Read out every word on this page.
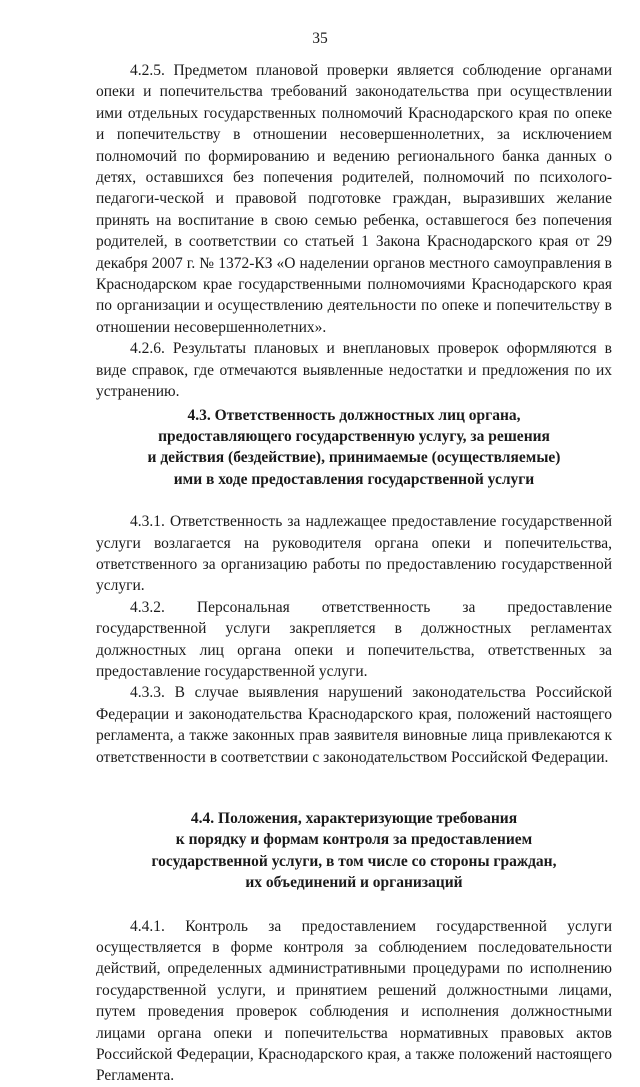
35

4.2.5. Предметом плановой проверки является соблюдение органами опеки и попечительства требований законодательства при осуществлении ими отдельных государственных полномочий Краснодарского края по опеке и попечительству в отношении несовершеннолетних, за исключением полномочий по формированию и ведению регионального банка данных о детях, оставшихся без попечения родителей, полномочий по психолого-педагоги-ческой и правовой подготовке граждан, выразивших желание принять на воспитание в свою семью ребенка, оставшегося без попечения родителей, в соответствии со статьей 1 Закона Краснодарского края от 29 декабря 2007 г. № 1372-КЗ «О наделении органов местного самоуправления в Краснодарском крае государственными полномочиями Краснодарского края по организации и осуществлению деятельности по опеке и попечительству в отношении несовершеннолетних».

4.2.6. Результаты плановых и внеплановых проверок оформляются в виде справок, где отмечаются выявленные недостатки и предложения по их устранению.

4.3. Ответственность должностных лиц органа,
предоставляющего государственную услугу, за решения
и действия (бездействие), принимаемые (осуществляемые)
ими в ходе предоставления государственной услуги

4.3.1. Ответственность за надлежащее предоставление государственной услуги возлагается на руководителя органа опеки и попечительства, ответственного за организацию работы по предоставлению государственной услуги.

4.3.2. Персональная ответственность за предоставление государственной услуги закрепляется в должностных регламентах должностных лиц органа опеки и попечительства, ответственных за предоставление государственной услуги.

4.3.3. В случае выявления нарушений законодательства Российской Федерации и законодательства Краснодарского края, положений настоящего регламента, а также законных прав заявителя виновные лица привлекаются к ответственности в соответствии с законодательством Российской Федерации.

4.4. Положения, характеризующие требования
к порядку и формам контроля за предоставлением
государственной услуги, в том числе со стороны граждан,
их объединений и организаций

4.4.1. Контроль за предоставлением государственной услуги осуществляется в форме контроля за соблюдением последовательности действий, определенных административными процедурами по исполнению государственной услуги, и принятием решений должностными лицами, путем проведения проверок соблюдения и исполнения должностными лицами органа опеки и попечительства нормативных правовых актов Российской Федерации, Краснодарского края, а также положений настоящего Регламента.
